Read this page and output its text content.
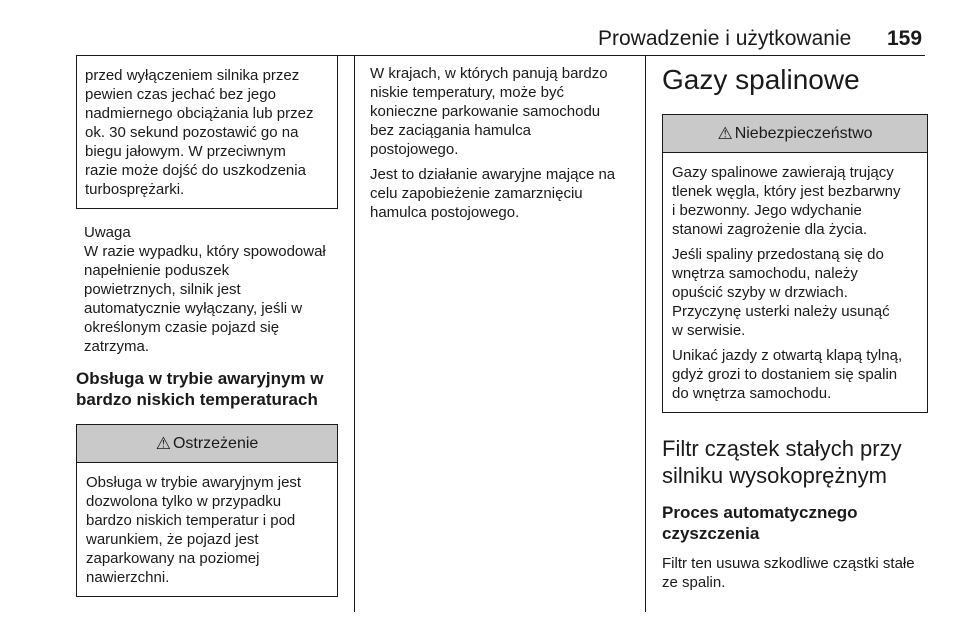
Prowadzenie i użytkowanie 159

przed wyłączeniem silnika przez
pewien czas jechać bez jego
nadmiernego obciążania lub przez
ok. 30 sekund pozostawić go na
biegu jałowym. W przeciwnym
razie może dojść do uszkodzenia
turbosprężarki.

Uwaga

W razie wypadku, który spowodował
napełnienie poduszek
powietrznych, silnik jest
automatycznie wyłączany, jeśli w
określonym czasie pojazd się
zatrzyma.

Obsługa w trybie awaryjnym w
bardzo niskich temperaturach
⚠ Ostrzeżenie

Obsługa w trybie awaryjnym jest
dozwolona tylko w przypadku
bardzo niskich temperatur i pod
warunkiem, że pojazd jest
zaparkowany na poziomej
nawierzchni.

W krajach, w których panują bardzo
niskie temperatury, może być
konieczne parkowanie samochodu
bez zaciągania hamulca
postojowego.

Jest to działanie awaryjne mające na
celu zapobieżenie zamarznięciu
hamulca postojowego.

Gazy spalinowe
⚠ Niebezpieczeństwo

Gazy spalinowe zawierają trujący
tlenek węgla, który jest bezbarwny
i bezwonny. Jego wdychanie
stanowi zagrożenie dla życia.

Jeśli spaliny przedostaną się do
wnętrza samochodu, należy
opuścić szyby w drzwiach.
Przyczynę usterki należy usunąć
w serwisie.

Unikać jazdy z otwartą klapą tylną,
gdyż grozi to dostaniem się spalin
do wnętrza samochodu.

Filtr cząstek stałych przy
silniku wysokoprężnym
Proces automatycznego
czyszczenia

Filtr ten usuwa szkodliwe cząstki stałe
ze spalin.
